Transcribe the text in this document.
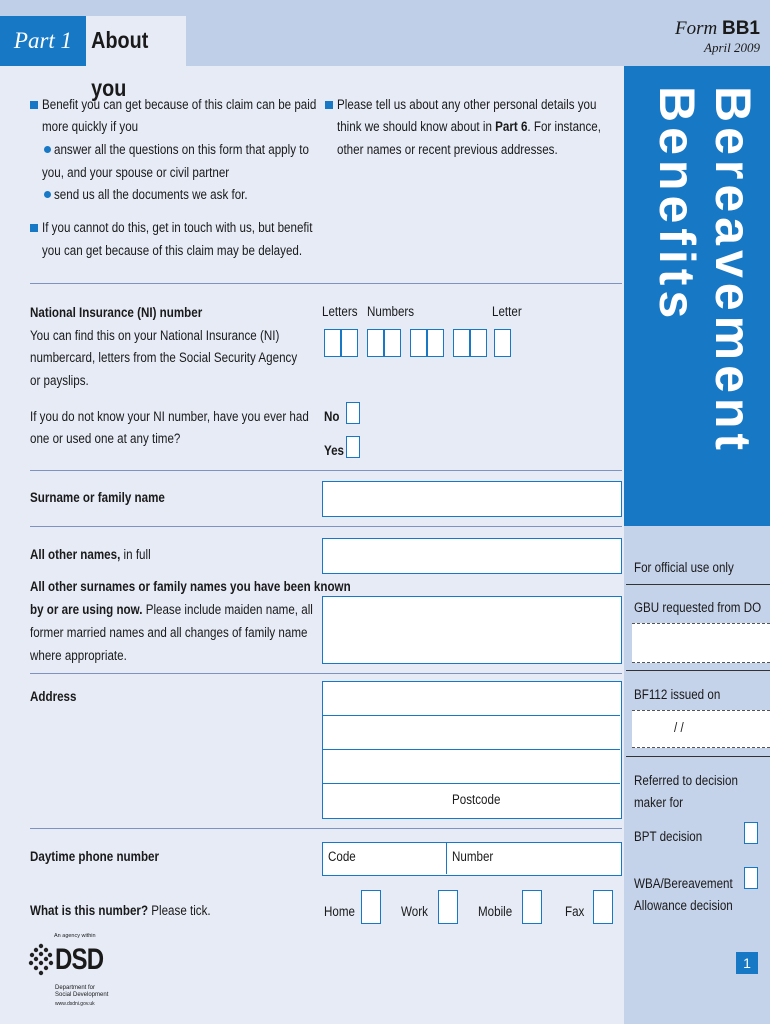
Part 1 About you
Form BB1
April 2009
Bereavement
Benefits
Benefit you can get because of this claim can be paid
more quickly if you
answer all the questions on this form that apply to
you, and your spouse or civil partner
send us all the documents we ask for.
If you cannot do this, get in touch with us, but benefit
you can get because of this claim may be delayed.
Please tell us about any other personal details you
think we should know about in Part 6. For instance,
other names or recent previous addresses.
National Insurance (NI) number
You can find this on your National Insurance (NI)
numbercard, letters from the Social Security Agency
or payslips.
Letters Numbers	Letter
If you do not know your NI number, have you ever had
one or used one at any time?
No
Yes
Surname or family name
All other names, in full
All other surnames or family names you have been known
by or are using now. Please include maiden name, all
former married names and all changes of family name
where appropriate.
Address
Postcode
Daytime phone number	Code	Number
What is this number? Please tick.	Home	Work	Mobile	Fax
An agency within
DSD
Department for
Social Development
www.dsdni.gov.uk
For official use only
GBU requested from DO
BF112 issued on
/ /
Referred to decision
maker for
BPT decision
WBA/Bereavement
Allowance decision
1
